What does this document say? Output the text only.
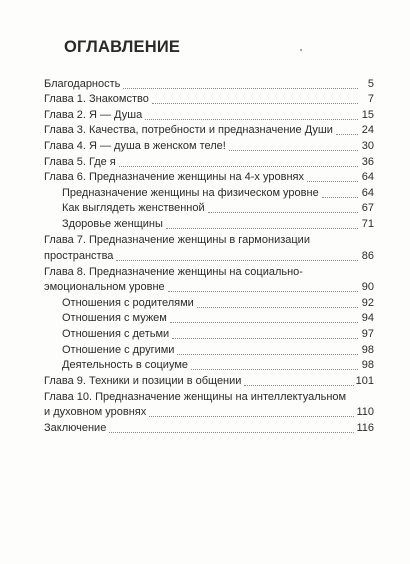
ОГЛАВЛЕНИЕ
Благодарность	5
Глава 1. Знакомство	7
Глава 2. Я — Душа	15
Глава 3. Качества, потребности и предназначение Души	24
Глава 4. Я — душа в женском теле!	30
Глава 5. Где я	36
Глава 6. Предназначение женщины на 4-х уровнях	64
Предназначение женщины на физическом уровне	64
Как выглядеть женственной	67
Здоровье женщины	71
Глава 7. Предназначение женщины в гармонизации
пространства	86
Глава 8. Предназначение женщины на социально-
эмоциональном уровне	90
Отношения с родителями	92
Отношения с мужем	94
Отношения с детьми	97
Отношение с другими	98
Деятельность в социуме	98
Глава 9. Техники и позиции в общении	101
Глава 10. Предназначение женщины на интеллектуальном
и духовном уровнях	110
Заключение	116
